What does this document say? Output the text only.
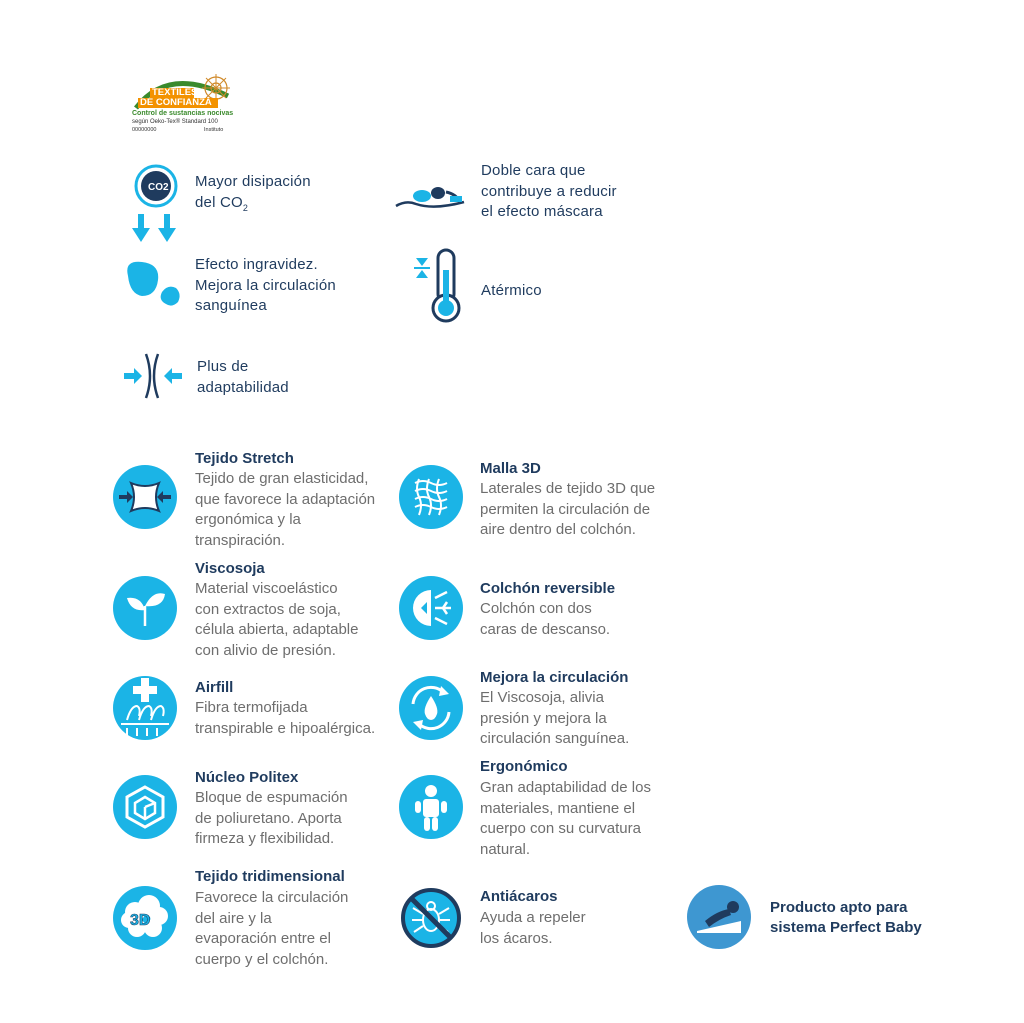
TEXTILES
DE CONFIANZA
Control de sustancias nocivas
según Oeko-Tex® Standard 100
00000000	Instituto
CO2 Mayor disipación
del $CO_2$
Doble cara que
contribuye a reducir
el efecto máscara
Efecto ingravidez.
Mejora la circulación
sanguínea
Atérmico
Plus de
adaptabilidad
Tejido Stretch
Tejido de gran elasticidad,
que favorece la adaptación
ergonómica y la
transpiración.
Malla 3D
Laterales de tejido 3D que
permiten la circulación de
aire dentro del colchón.
Viscosoja
Material viscoelástico
con extractos de soja,
célula abierta, adaptable
con alivio de presión.
Colchón reversible
Colchón con dos
caras de descanso.
Airfill
Fibra termofijada
transpirable e hipoalérgica.
Mejora la circulación
El Viscosoja, alivia
presión y mejora la
circulación sanguínea.
Núcleo Politex
Bloque de espumación
de poliuretano. Aporta
firmeza y flexibilidad.
Ergonómico
Gran adaptabilidad de los
materiales, mantiene el
cuerpo con su curvatura
natural.
3D
Tejido tridimensional
Favorece la circulación
del aire y la
evaporación entre el
cuerpo y el colchón.
Antiácaros
Ayuda a repeler
los ácaros.
Producto apto para
sistema Perfect Baby
